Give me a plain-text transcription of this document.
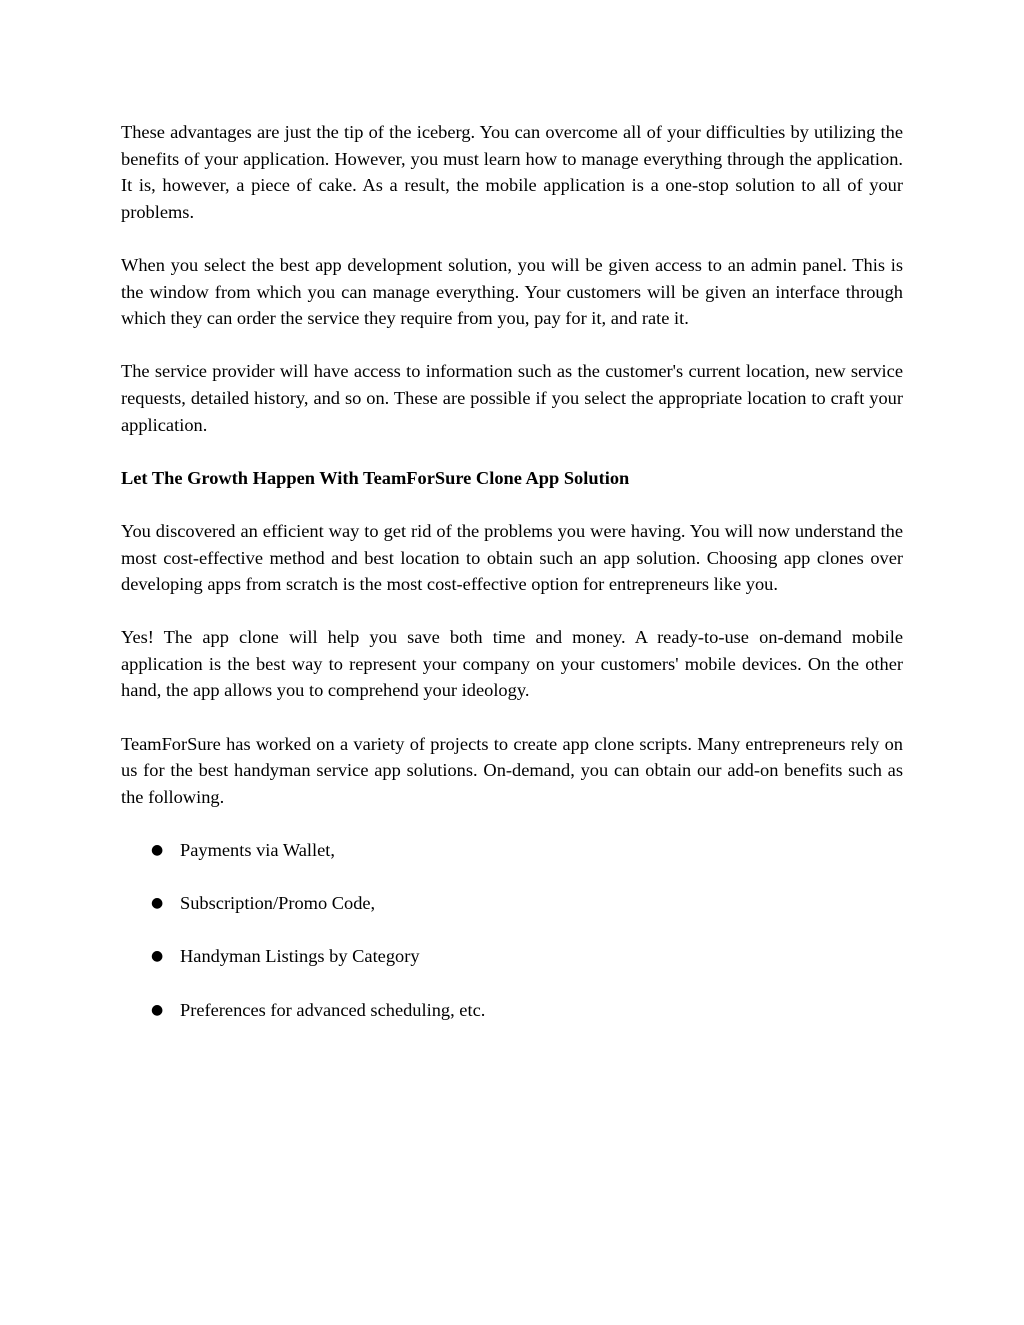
These advantages are just the tip of the iceberg. You can overcome all of your difficulties by utilizing the benefits of your application. However, you must learn how to manage everything through the application. It is, however, a piece of cake. As a result, the mobile application is a one-stop solution to all of your problems.

When you select the best app development solution, you will be given access to an admin panel. This is the window from which you can manage everything. Your customers will be given an interface through which they can order the service they require from you, pay for it, and rate it.

The service provider will have access to information such as the customer's current location, new service requests, detailed history, and so on. These are possible if you select the appropriate location to craft your application.

Let The Growth Happen With TeamForSure Clone App Solution

You discovered an efficient way to get rid of the problems you were having. You will now understand the most cost-effective method and best location to obtain such an app solution. Choosing app clones over developing apps from scratch is the most cost-effective option for entrepreneurs like you.

Yes! The app clone will help you save both time and money. A ready-to-use on-demand mobile application is the best way to represent your company on your customers' mobile devices. On the other hand, the app allows you to comprehend your ideology.

TeamForSure has worked on a variety of projects to create app clone scripts. Many entrepreneurs rely on us for the best handyman service app solutions. On-demand, you can obtain our add-on benefits such as the following.

● Payments via Wallet,
● Subscription/Promo Code,
● Handyman Listings by Category
● Preferences for advanced scheduling, etc.
